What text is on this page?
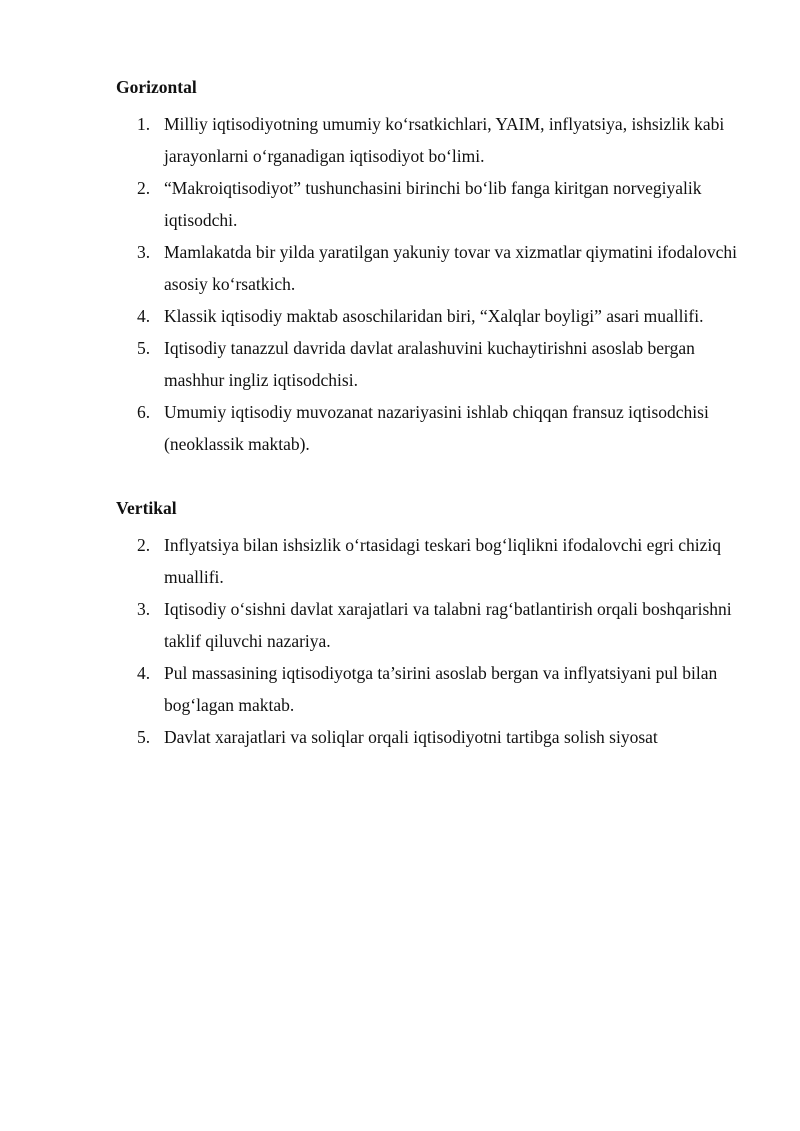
Gorizontal
1. Milliy iqtisodiyotning umumiy ko‘rsatkichlari, YAIM, inflyatsiya, ishsizlik kabi jarayonlarni o‘rganadigan iqtisodiyot bo‘limi.
2. “Makroiqtisodiyot” tushunchasini birinchi bo‘lib fanga kiritgan norvegiyalik iqtisodchi.
3. Mamlakatda bir yilda yaratilgan yakuniy tovar va xizmatlar qiymatini ifodalovchi asosiy ko‘rsatkich.
4. Klassik iqtisodiy maktab asoschilaridan biri, “Xalqlar boyligi” asari muallifi.
5. Iqtisodiy tanazzul davrida davlat aralashuvini kuchaytirishni asoslab bergan mashhur ingliz iqtisodchisi.
6. Umumiy iqtisodiy muvozanat nazariyasini ishlab chiqqan fransuz iqtisodchisi (neoklassik maktab).
Vertikal
2. Inflyatsiya bilan ishsizlik o‘rtasidagi teskari bog‘liqlikni ifodalovchi egri chiziq muallifi.
3. Iqtisodiy o‘sishni davlat xarajatlari va talabni rag‘batlantirish orqali boshqarishni taklif qiluvchi nazariya.
4. Pul massasining iqtisodiyotga ta’sirini asoslab bergan va inflyatsiyani pul bilan bog‘lagan maktab.
5. Davlat xarajatlari va soliqlar orqali iqtisodiyotni tartibga solish siyosat
